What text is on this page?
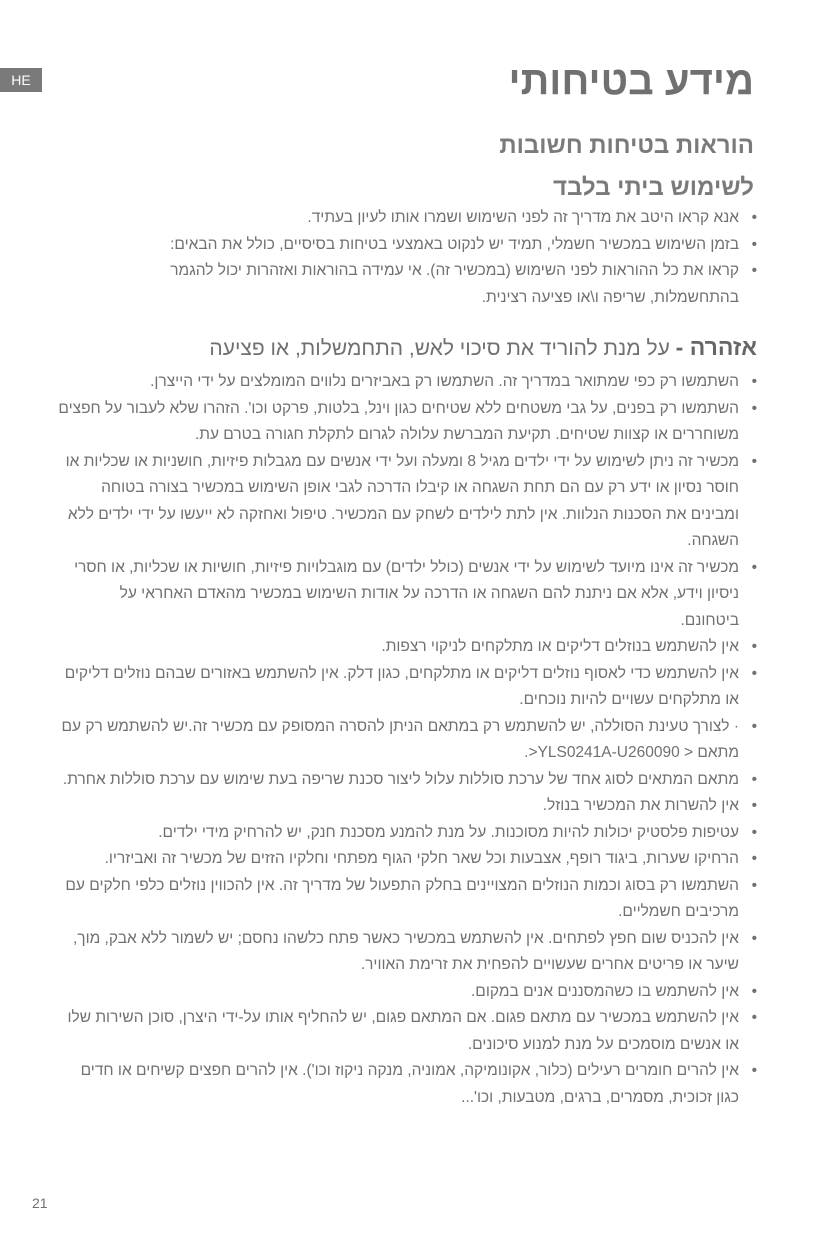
HE	מידע בטיחותי
הוראות בטיחות חשובות
לשימוש ביתי בלבד
• אנא קראו היטב את מדריך זה לפני השימוש ושמרו אותו לעיון בעתיד.
• בזמן השימוש במכשיר חשמלי, תמיד יש לנקוט באמצעי בטיחות בסיסיים, כולל את הבאים:
• קראו את כל ההוראות לפני השימוש (במכשיר זה). אי עמידה בהוראות ואזהרות יכול להגמר בהתחשמלות, שריפה ו\או פציעה רצינית.

אזהרה - על מנת להוריד את סיכוי לאש, התחמשלות, או פציעה

• השתמשו רק כפי שמתואר במדריך זה. השתמשו רק באביזרים נלווים המומלצים על ידי הייצרן.
• השתמשו רק בפנים, על גבי משטחים ללא שטיחים כגון וינל, בלטות, פרקט וכו'. הזהרו שלא לעבור על חפצים משוחררים או קצוות שטיחים. תקיעת המברשת עלולה לגרום לתקלת חגורה בטרם עת.
• מכשיר זה ניתן לשימוש על ידי ילדים מגיל 8 ומעלה ועל ידי אנשים עם מגבלות פיזיות, חושניות או שכליות או חוסר נסיון או ידע רק עם הם תחת השגחה או קיבלו הדרכה לגבי אופן השימוש במכשיר בצורה בטוחה ומבינים את הסכנות הנלוות. אין לתת לילדים לשחק עם המכשיר. טיפול ואחזקה לא ייעשו על ידי ילדים ללא השגחה.
• מכשיר זה אינו מיועד לשימוש על ידי אנשים (כולל ילדים) עם מוגבלויות פיזיות, חושיות או שכליות, או חסרי ניסיון וידע, אלא אם ניתנת להם השגחה או הדרכה על אודות השימוש במכשיר מהאדם האחראי על ביטחונם.
• אין להשתמש בנוזלים דליקים או מתלקחים לניקוי רצפות.
• אין להשתמש כדי לאסוף נוזלים דליקים או מתלקחים, כגון דלק. אין להשתמש באזורים שבהם נוזלים דליקים או מתלקחים עשויים להיות נוכחים.
• · לצורך טעינת הסוללה, יש להשתמש רק במתאם הניתן להסרה המסופק עם מכשיר זה.יש להשתמש רק עם מתאם < YLS0241A-U260090<.
• מתאם המתאים לסוג אחד של ערכת סוללות עלול ליצור סכנת שריפה בעת שימוש עם ערכת סוללות אחרת.
• אין להשרות את המכשיר בנוזל.
• עטיפות פלסטיק יכולות להיות מסוכנות. על מנת להמנע מסכנת חנק, יש להרחיק מידי ילדים.
• הרחיקו שערות, ביגוד רופף, אצבעות וכל שאר חלקי הגוף מפתחי וחלקיו הזזים של מכשיר זה ואביזריו.
• השתמשו רק בסוג וכמות הנוזלים המצויינים בחלק התפעול של מדריך זה. אין להכווין נוזלים כלפי חלקים עם מרכיבים חשמליים.
• אין להכניס שום חפץ לפתחים. אין להשתמש במכשיר כאשר פתח כלשהו נחסם; יש לשמור ללא אבק, מוך, שיער או פריטים אחרים שעשויים להפחית את זרימת האוויר.
• אין להשתמש בו כשהמסננים אנים במקום.
• אין להשתמש במכשיר עם מתאם פגום. אם המתאם פגום, יש להחליף אותו על-ידי היצרן, סוכן השירות שלו או אנשים מוסמכים על מנת למנוע סיכונים.
• אין להרים חומרים רעילים (כלור, אקונומיקה, אמוניה, מנקה ניקוז וכו'). אין להרים חפצים קשיחים או חדים כגון זכוכית, מסמרים, ברגים, מטבעות, וכו'...
21
